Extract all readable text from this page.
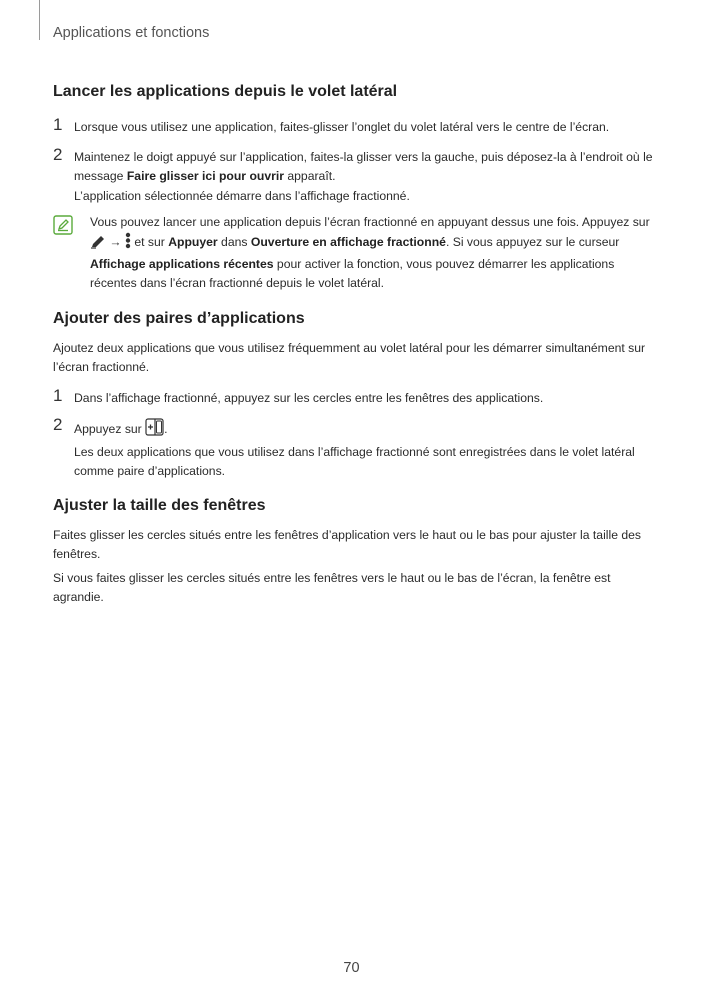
Applications et fonctions
Lancer les applications depuis le volet latéral
1 Lorsque vous utilisez une application, faites-glisser l’onglet du volet latéral vers le centre de l’écran.
2 Maintenez le doigt appuyé sur l’application, faites-la glisser vers la gauche, puis déposez-la à l’endroit où le message Faire glisser ici pour ouvrir apparaît.
L’application sélectionnée démarre dans l’affichage fractionné.
Vous pouvez lancer une application depuis l’écran fractionné en appuyant dessus une fois. Appuyez sur  →  et sur Appuyer dans Ouverture en affichage fractionné. Si vous appuyez sur le curseur Affichage applications récentes pour activer la fonction, vous pouvez démarrer les applications récentes dans l’écran fractionné depuis le volet latéral.
Ajouter des paires d’applications
Ajoutez deux applications que vous utilisez fréquemment au volet latéral pour les démarrer simultanément sur l’écran fractionné.
1 Dans l’affichage fractionné, appuyez sur les cercles entre les fenêtres des applications.
2 Appuyez sur .
Les deux applications que vous utilisez dans l’affichage fractionné sont enregistrées dans le volet latéral comme paire d’applications.
Ajuster la taille des fenêtres
Faites glisser les cercles situés entre les fenêtres d’application vers le haut ou le bas pour ajuster la taille des fenêtres.
Si vous faites glisser les cercles situés entre les fenêtres vers le haut ou le bas de l’écran, la fenêtre est agrandie.
70
